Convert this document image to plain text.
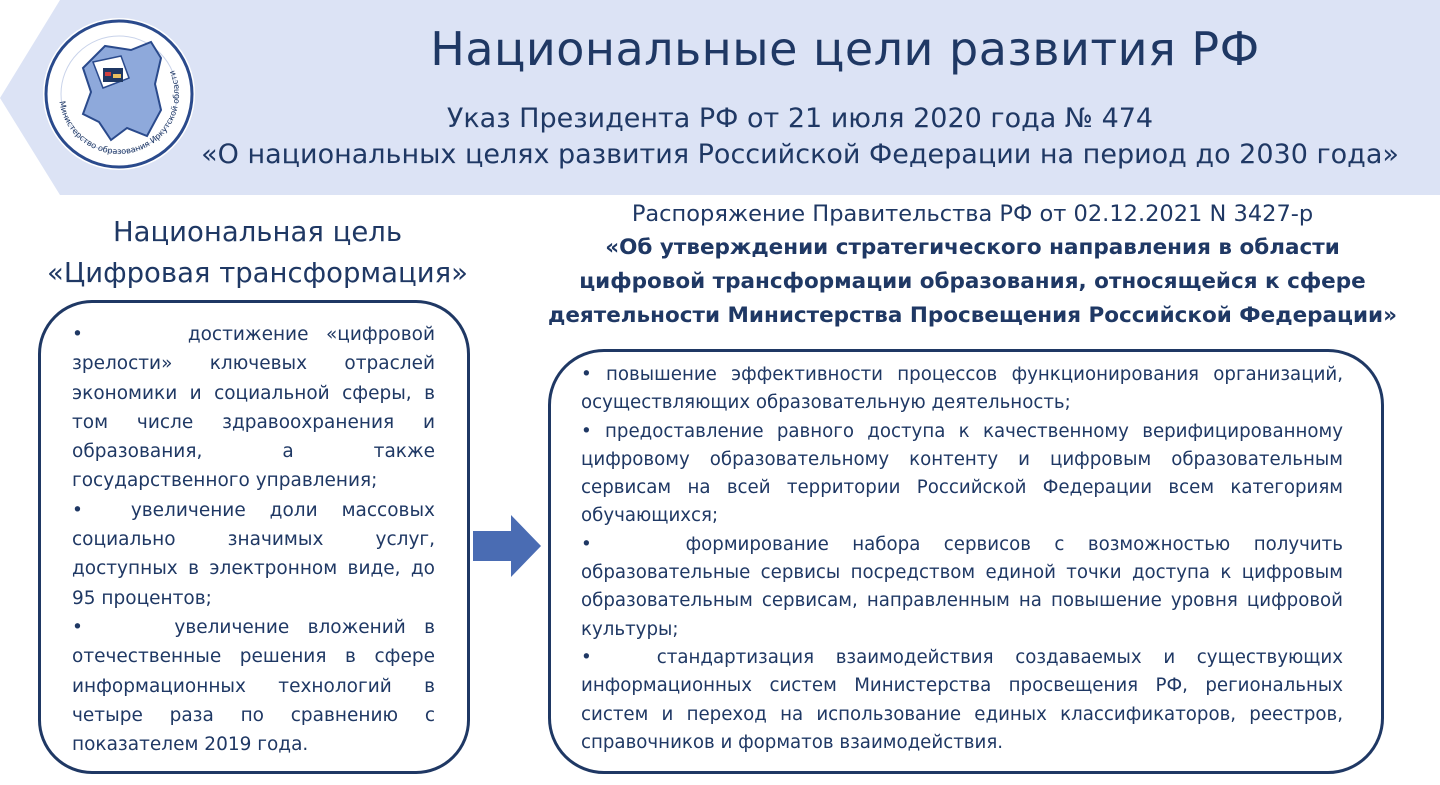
Министерство образования Иркутской области	Национальные цели развития РФ
Указ Президента РФ от 21 июля 2020 года № 474
«О национальных целях развития Российской Федерации на период до 2030 года»
Национальная цель
«Цифровая трансформация»
Распоряжение Правительства РФ от 02.12.2021 N 3427-р
«Об утверждении стратегического направления в области
цифровой трансформации образования, относящейся к сфере
деятельности Министерства Просвещения Российской Федерации»
•      достижение «цифровой зрелости» ключевых отраслей экономики и социальной сферы, в том числе здравоохранения и образования, а также государственного управления;
•  увеличение доли массовых социально значимых услуг, доступных в электронном виде, до 95 процентов;
•     увеличение вложений в отечественные решения в сфере информационных технологий в четыре раза по сравнению с показателем 2019 года.
• повышение эффективности процессов функционирования организаций, осуществляющих образовательную деятельность;
• предоставление равного доступа к качественному верифицированному цифровому образовательному контенту и цифровым образовательным сервисам на всей территории Российской Федерации всем категориям обучающихся;
•    формирование набора сервисов с возможностью получить образовательные сервисы посредством единой точки доступа к цифровым образовательным сервисам, направленным на повышение уровня цифровой культуры;
•   стандартизация взаимодействия создаваемых и существующих информационных систем Министерства просвещения РФ, региональных систем и переход на использование единых классификаторов, реестров, справочников и форматов взаимодействия.
